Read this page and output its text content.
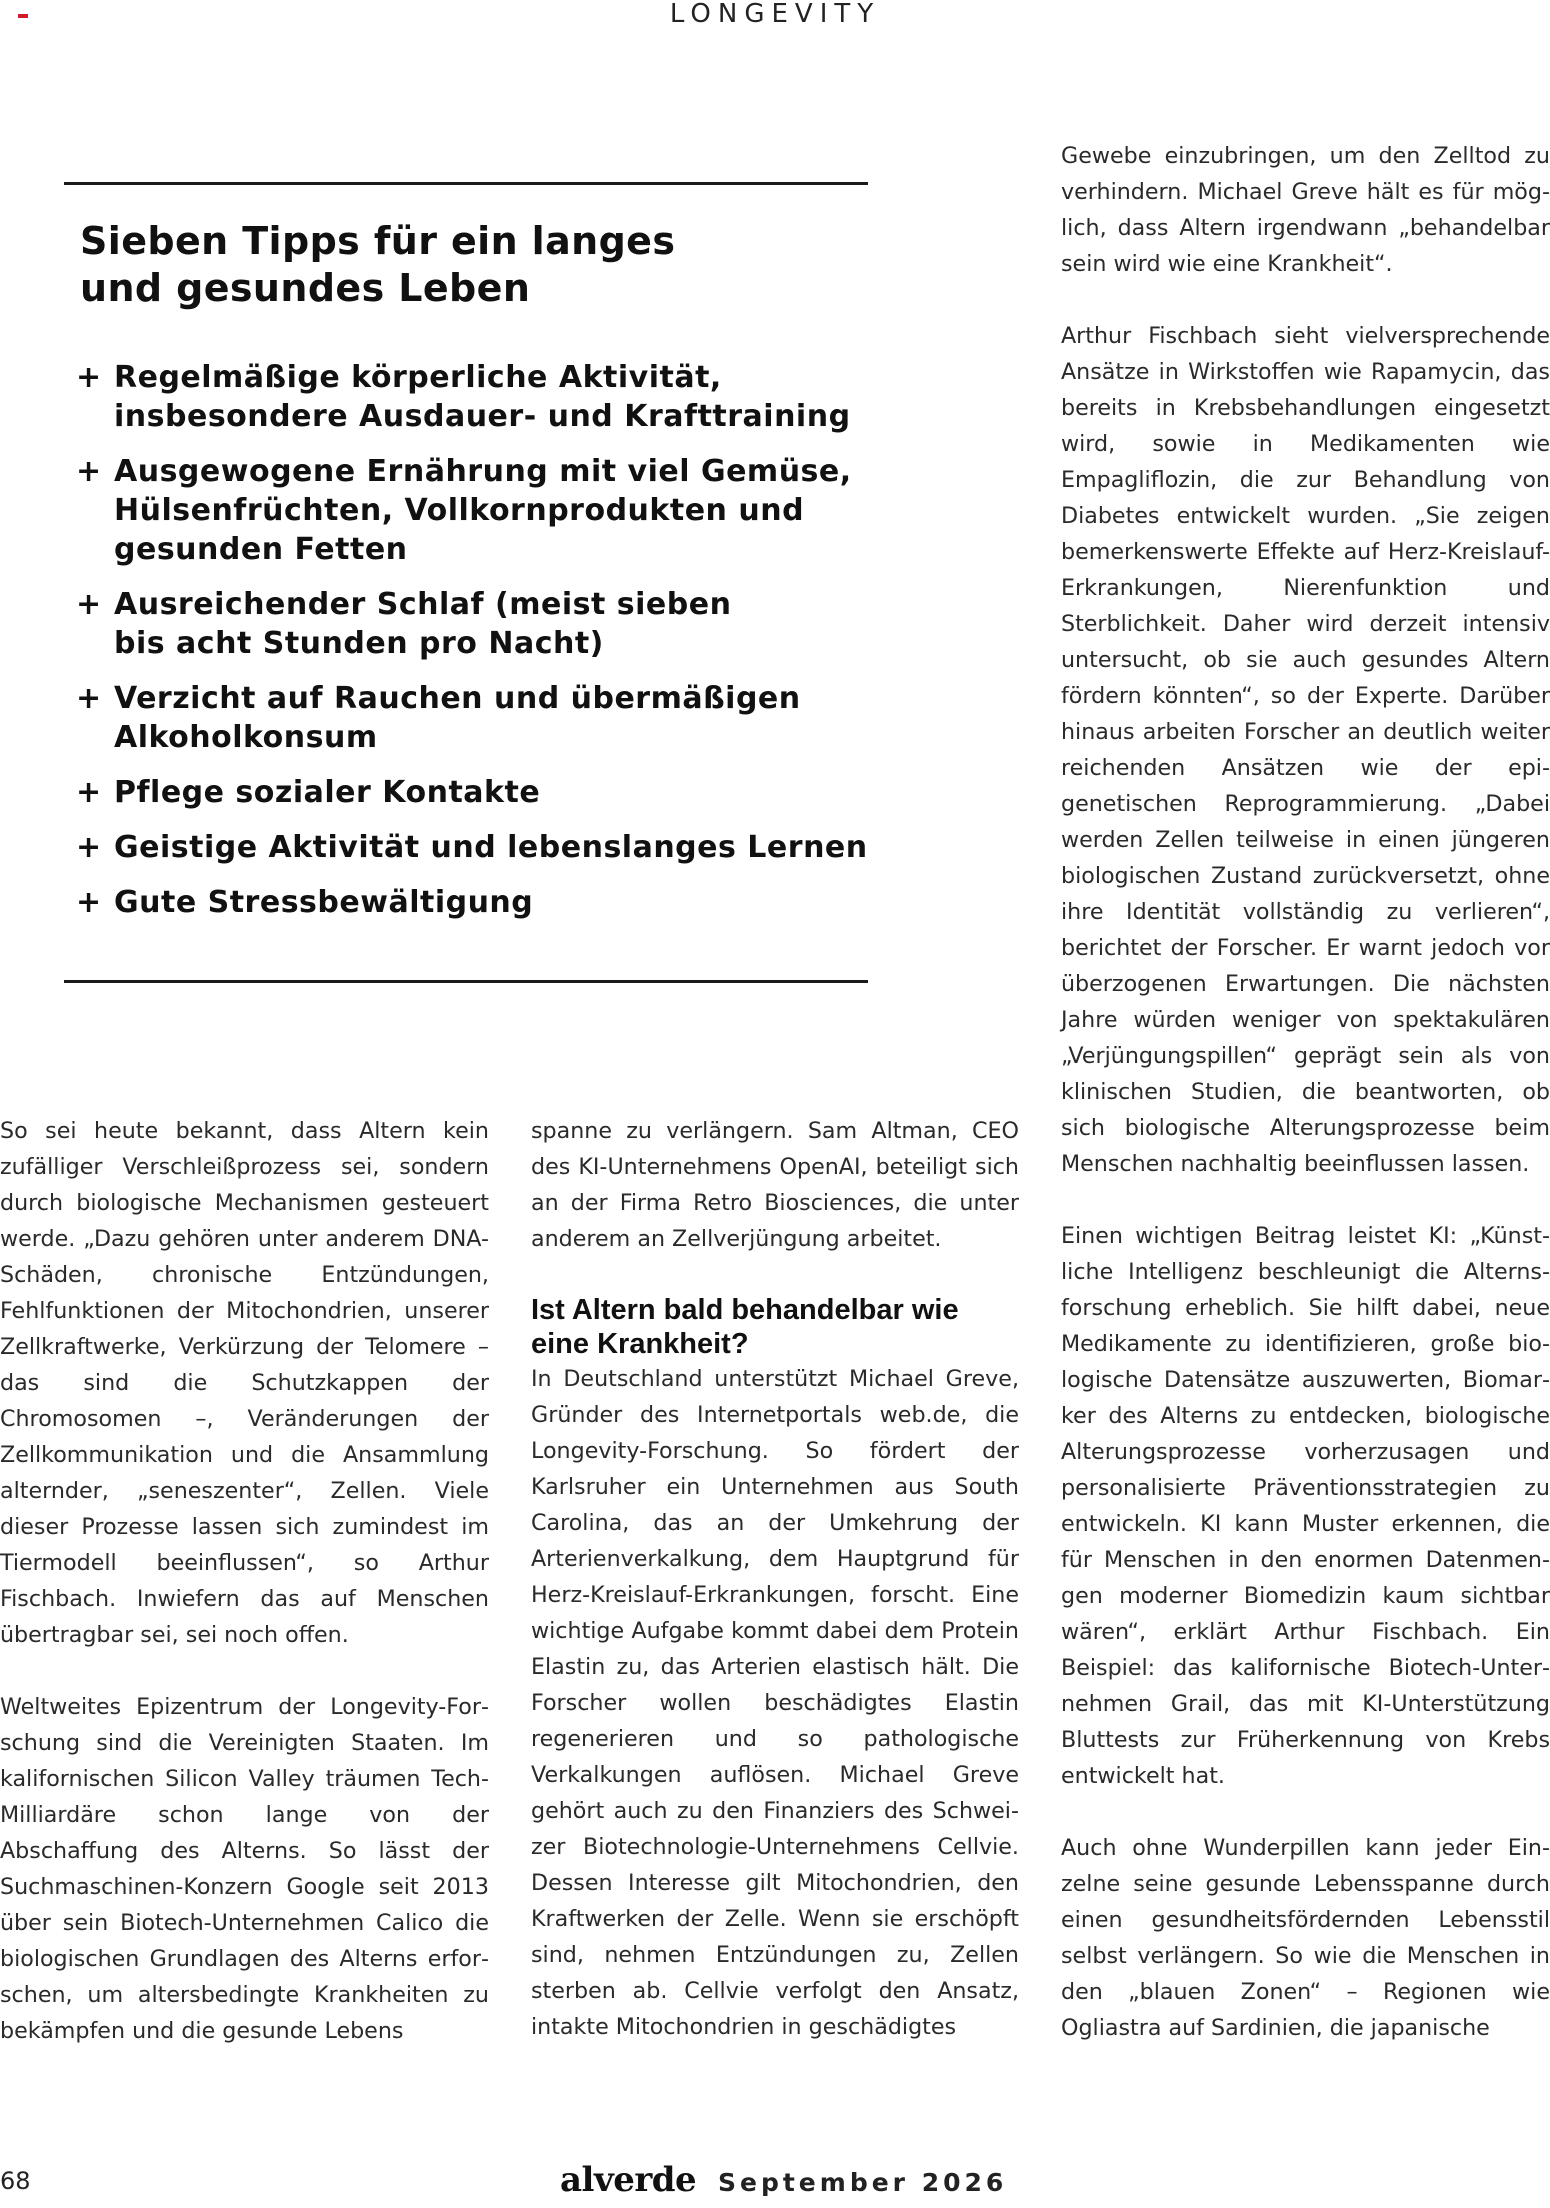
LONGEVITY
Sieben Tipps für ein langes
und gesundes Leben
+ Regelmäßige körperliche Aktivität,
insbesondere Ausdauer- und Krafttraining
+ Ausgewogene Ernährung mit viel Gemüse,
Hülsenfrüchten, Vollkornprodukten und
gesunden Fetten
+ Ausreichender Schlaf (meist sieben
bis acht Stunden pro Nacht)
+ Verzicht auf Rauchen und übermäßigen
Alkoholkonsum
+ Pflege sozialer Kontakte
+ Geistige Aktivität und lebenslanges Lernen
+ Gute Stressbewältigung

So sei heute bekannt, dass Altern kein zufälliger Verschleißprozess sei, sondern durch biologische Mechanismen gesteuert werde. „Dazu gehören unter anderem DNA-Schäden, chronische Entzündungen, Fehlfunktionen der Mitochondrien, unserer Zellkraftwerke, Verkürzung der Telomere – das sind die Schutzkappen der Chromosomen –, Veränderungen der Zellkommunikation und die Ansammlung alternder, „seneszenter“, Zellen. Viele dieser Prozesse lassen sich zumindest im Tiermodell beeinflussen“, so Arthur Fischbach. Inwiefern das auf Menschen übertragbar sei, sei noch offen.

Weltweites Epizentrum der Longevity-Forschung sind die Vereinigten Staaten. Im kalifornischen Silicon Valley träumen Tech-Milliardäre schon lange von der Abschaffung des Alterns. So lässt der Suchmaschinen-Konzern Google seit 2013 über sein Biotech-Unternehmen Calico die biologischen Grundlagen des Alterns erforschen, um altersbedingte Krankheiten zu bekämpfen und die gesunde Lebens

spanne zu verlängern. Sam Altman, CEO des KI-Unternehmens OpenAI, beteiligt sich an der Firma Retro Biosciences, die unter anderem an Zellverjüngung arbeitet.

Ist Altern bald behandelbar wie eine Krankheit?

In Deutschland unterstützt Michael Greve, Gründer des Internetportals web.de, die Longevity-Forschung. So fördert der Karlsruher ein Unternehmen aus South Carolina, das an der Umkehrung der Arterienverkalkung, dem Hauptgrund für Herz-Kreislauf-Erkrankungen, forscht. Eine wichtige Aufgabe kommt dabei dem Protein Elastin zu, das Arterien elastisch hält. Die Forscher wollen beschädigtes Elastin regenerieren und so pathologische Verkalkungen auflösen. Michael Greve gehört auch zu den Finanziers des Schweizer Biotechnologie-Unternehmens Cellvie. Dessen Interesse gilt Mitochondrien, den Kraftwerken der Zelle. Wenn sie erschöpft sind, nehmen Entzündungen zu, Zellen sterben ab. Cellvie verfolgt den Ansatz, intakte Mitochondrien in geschädigtes

Gewebe einzubringen, um den Zelltod zu verhindern. Michael Greve hält es für möglich, dass Altern irgendwann „behandelbar sein wird wie eine Krankheit“.

Arthur Fischbach sieht vielversprechende Ansätze in Wirkstoffen wie Rapamycin, das bereits in Krebsbehandlungen eingesetzt wird, sowie in Medikamenten wie Empagliflozin, die zur Behandlung von Diabetes entwickelt wurden. „Sie zeigen bemerkenswerte Effekte auf Herz-Kreislauf-Erkrankungen, Nierenfunktion und Sterblichkeit. Daher wird derzeit intensiv untersucht, ob sie auch gesundes Altern fördern könnten“, so der Experte. Darüber hinaus arbeiten Forscher an deutlich weiter reichenden Ansätzen wie der epigenetischen Reprogrammierung. „Dabei werden Zellen teilweise in einen jüngeren biologischen Zustand zurückversetzt, ohne ihre Identität vollständig zu verlieren“, berichtet der Forscher. Er warnt jedoch vor überzogenen Erwartungen. Die nächsten Jahre würden weniger von spektakulären „Verjüngungspillen“ geprägt sein als von klinischen Studien, die beantworten, ob sich biologische Alterungsprozesse beim Menschen nachhaltig beeinflussen lassen.

Einen wichtigen Beitrag leistet KI: „Künstliche Intelligenz beschleunigt die Alternsforschung erheblich. Sie hilft dabei, neue Medikamente zu identifizieren, große biologische Datensätze auszuwerten, Biomarker des Alterns zu entdecken, biologische Alterungsprozesse vorherzusagen und personalisierte Präventionsstrategien zu entwickeln. KI kann Muster erkennen, die für Menschen in den enormen Datenmengen moderner Biomedizin kaum sichtbar wären“, erklärt Arthur Fischbach. Ein Beispiel: das kalifornische Biotech-Unternehmen Grail, das mit KI-Unterstützung Bluttests zur Früherkennung von Krebs entwickelt hat.

Auch ohne Wunderpillen kann jeder Einzelne seine gesunde Lebensspanne durch einen gesundheitsfördernden Lebensstil selbst verlängern. So wie die Menschen in den „blauen Zonen“ – Regionen wie Ogliastra auf Sardinien, die japanische

68	alverde September 2026
